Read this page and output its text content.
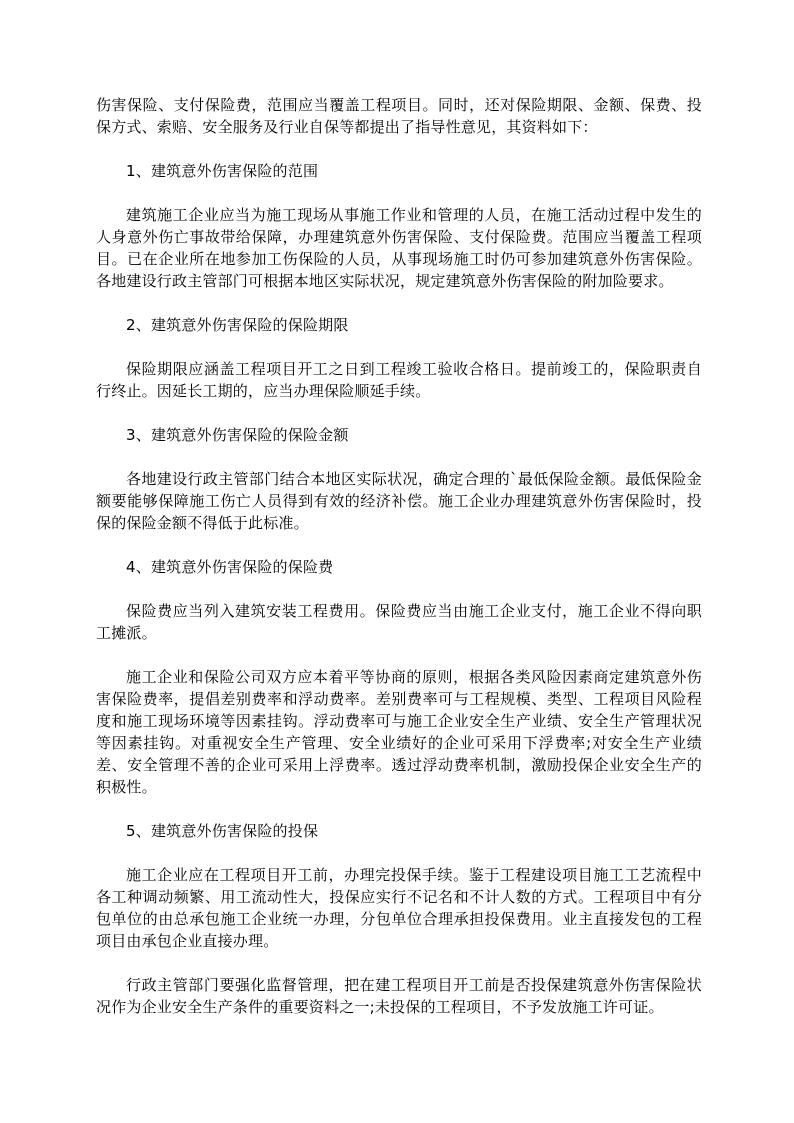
伤害保险、支付保险费，范围应当覆盖工程项目。同时，还对保险期限、金额、保费、投保方式、索赔、安全服务及行业自保等都提出了指导性意见，其资料如下：

1、建筑意外伤害保险的范围

建筑施工企业应当为施工现场从事施工作业和管理的人员，在施工活动过程中发生的人身意外伤亡事故带给保障，办理建筑意外伤害保险、支付保险费。范围应当覆盖工程项目。已在企业所在地参加工伤保险的人员，从事现场施工时仍可参加建筑意外伤害保险。各地建设行政主管部门可根据本地区实际状况，规定建筑意外伤害保险的附加险要求。

2、建筑意外伤害保险的保险期限

保险期限应涵盖工程项目开工之日到工程竣工验收合格日。提前竣工的，保险职责自行终止。因延长工期的，应当办理保险顺延手续。

3、建筑意外伤害保险的保险金额

各地建设行政主管部门结合本地区实际状况，确定合理的`最低保险金额。最低保险金额要能够保障施工伤亡人员得到有效的经济补偿。施工企业办理建筑意外伤害保险时，投保的保险金额不得低于此标准。

4、建筑意外伤害保险的保险费

保险费应当列入建筑安装工程费用。保险费应当由施工企业支付，施工企业不得向职工摊派。

施工企业和保险公司双方应本着平等协商的原则，根据各类风险因素商定建筑意外伤害保险费率，提倡差别费率和浮动费率。差别费率可与工程规模、类型、工程项目风险程度和施工现场环境等因素挂钩。浮动费率可与施工企业安全生产业绩、安全生产管理状况等因素挂钩。对重视安全生产管理、安全业绩好的企业可采用下浮费率;对安全生产业绩差、安全管理不善的企业可采用上浮费率。透过浮动费率机制，激励投保企业安全生产的积极性。

5、建筑意外伤害保险的投保

施工企业应在工程项目开工前，办理完投保手续。鉴于工程建设项目施工工艺流程中各工种调动频繁、用工流动性大，投保应实行不记名和不计人数的方式。工程项目中有分包单位的由总承包施工企业统一办理，分包单位合理承担投保费用。业主直接发包的工程项目由承包企业直接办理。

行政主管部门要强化监督管理，把在建工程项目开工前是否投保建筑意外伤害保险状况作为企业安全生产条件的重要资料之一;未投保的工程项目，不予发放施工许可证。
